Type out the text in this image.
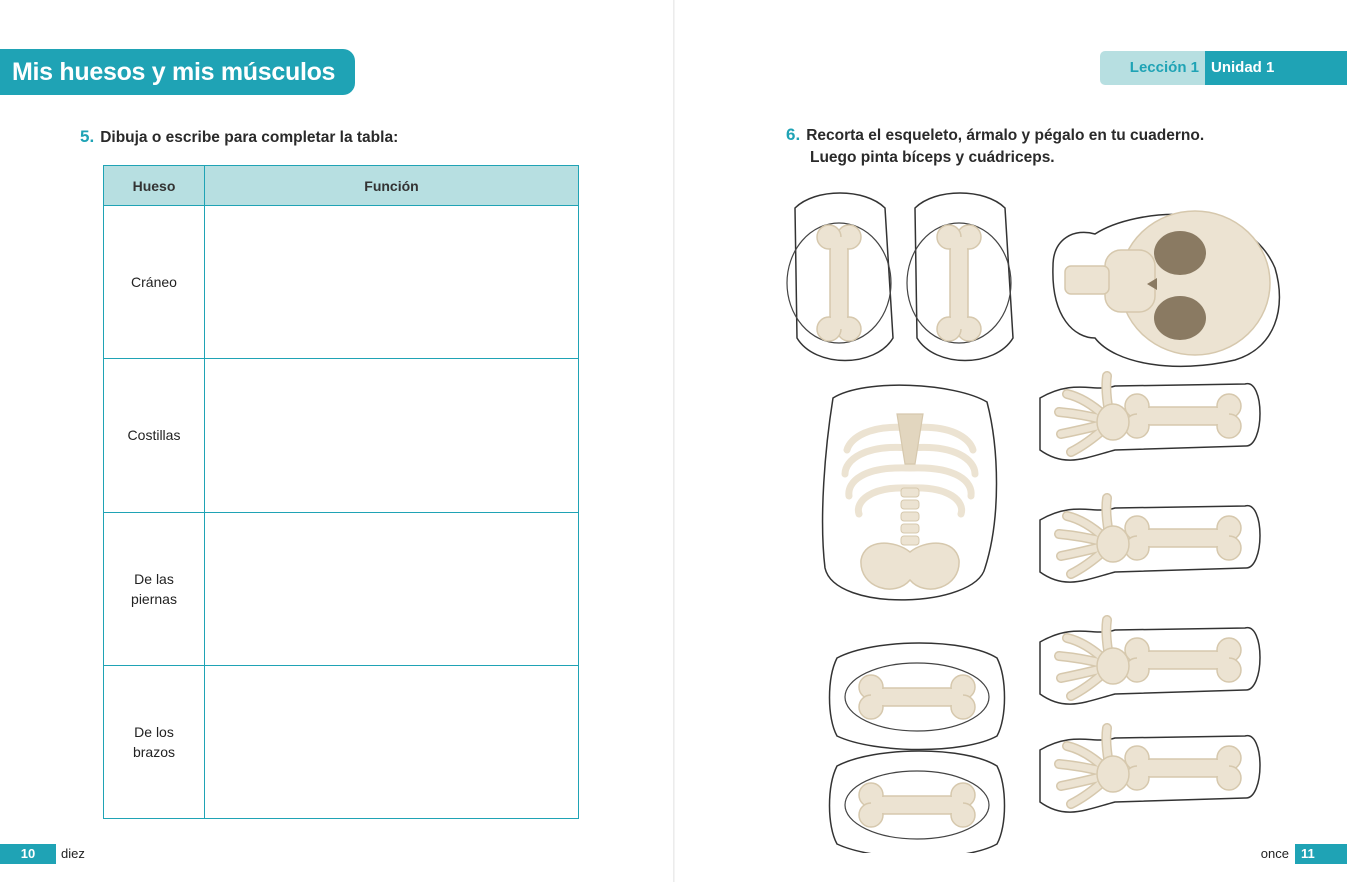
Mis huesos y mis músculos
5. Dibuja o escribe para completar la tabla:
Hueso	Función
Cráneo	
Costillas	
De las piernas	
De los brazos	
10 diez
Lección 1 Unidad 1
once 11
6. Recorta el esqueleto, ármalo y pégalo en tu cuaderno.
Luego pinta bíceps y cuádriceps.
